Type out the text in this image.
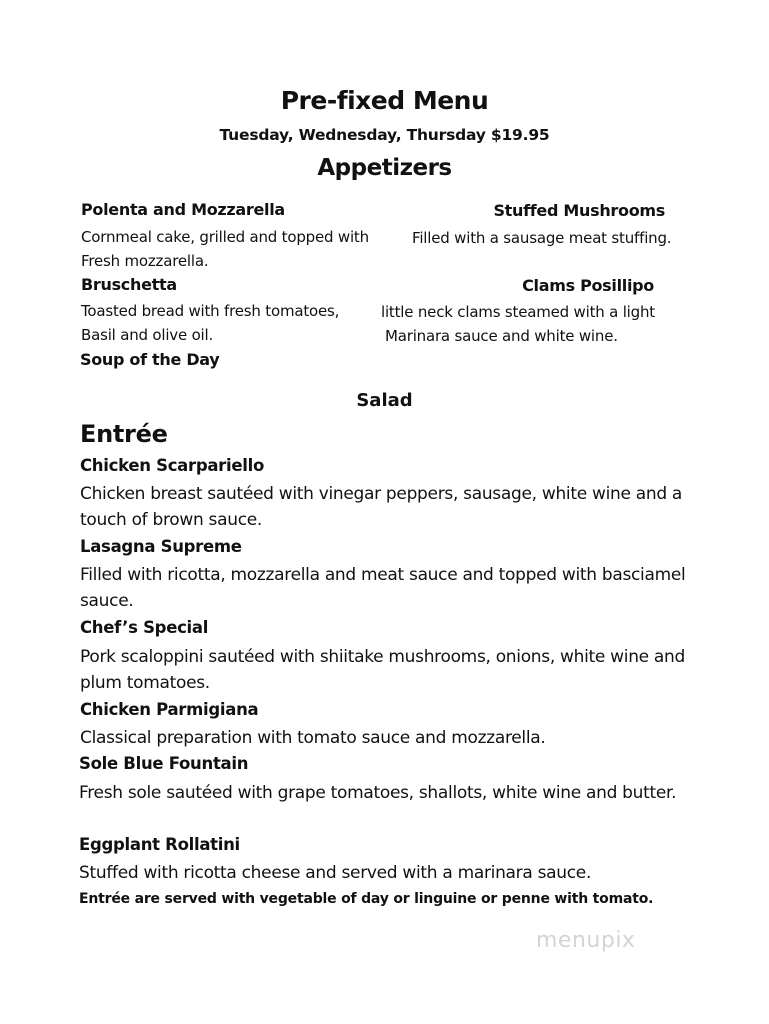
Pre-fixed Menu
Tuesday, Wednesday, Thursday $19.95
Appetizers
Polenta and Mozzarella
Cornmeal cake, grilled and topped with
Fresh mozzarella.
Bruschetta
Toasted bread with fresh tomatoes,
Basil and olive oil.
Soup of the Day
Stuffed Mushrooms
Filled with a sausage meat stuffing.
Clams Posillipo
little neck clams steamed with a light
Marinara sauce and white wine.
Salad
Entrée
Chicken Scarpariello
Chicken breast sautéed with vinegar peppers, sausage, white wine and a touch of brown sauce.
Lasagna Supreme
Filled with ricotta, mozzarella and meat sauce and topped with basciamel sauce.
Chef’s Special
Pork scaloppini sautéed with shiitake mushrooms, onions, white wine and plum tomatoes.
Chicken Parmigiana
Classical preparation with tomato sauce and mozzarella.
Sole Blue Fountain
Fresh sole sautéed with grape tomatoes, shallots, white wine and butter.
Eggplant Rollatini
Stuffed with ricotta cheese and served with a marinara sauce.
Entrée are served with vegetable of day or linguine or penne with tomato.
menupix
